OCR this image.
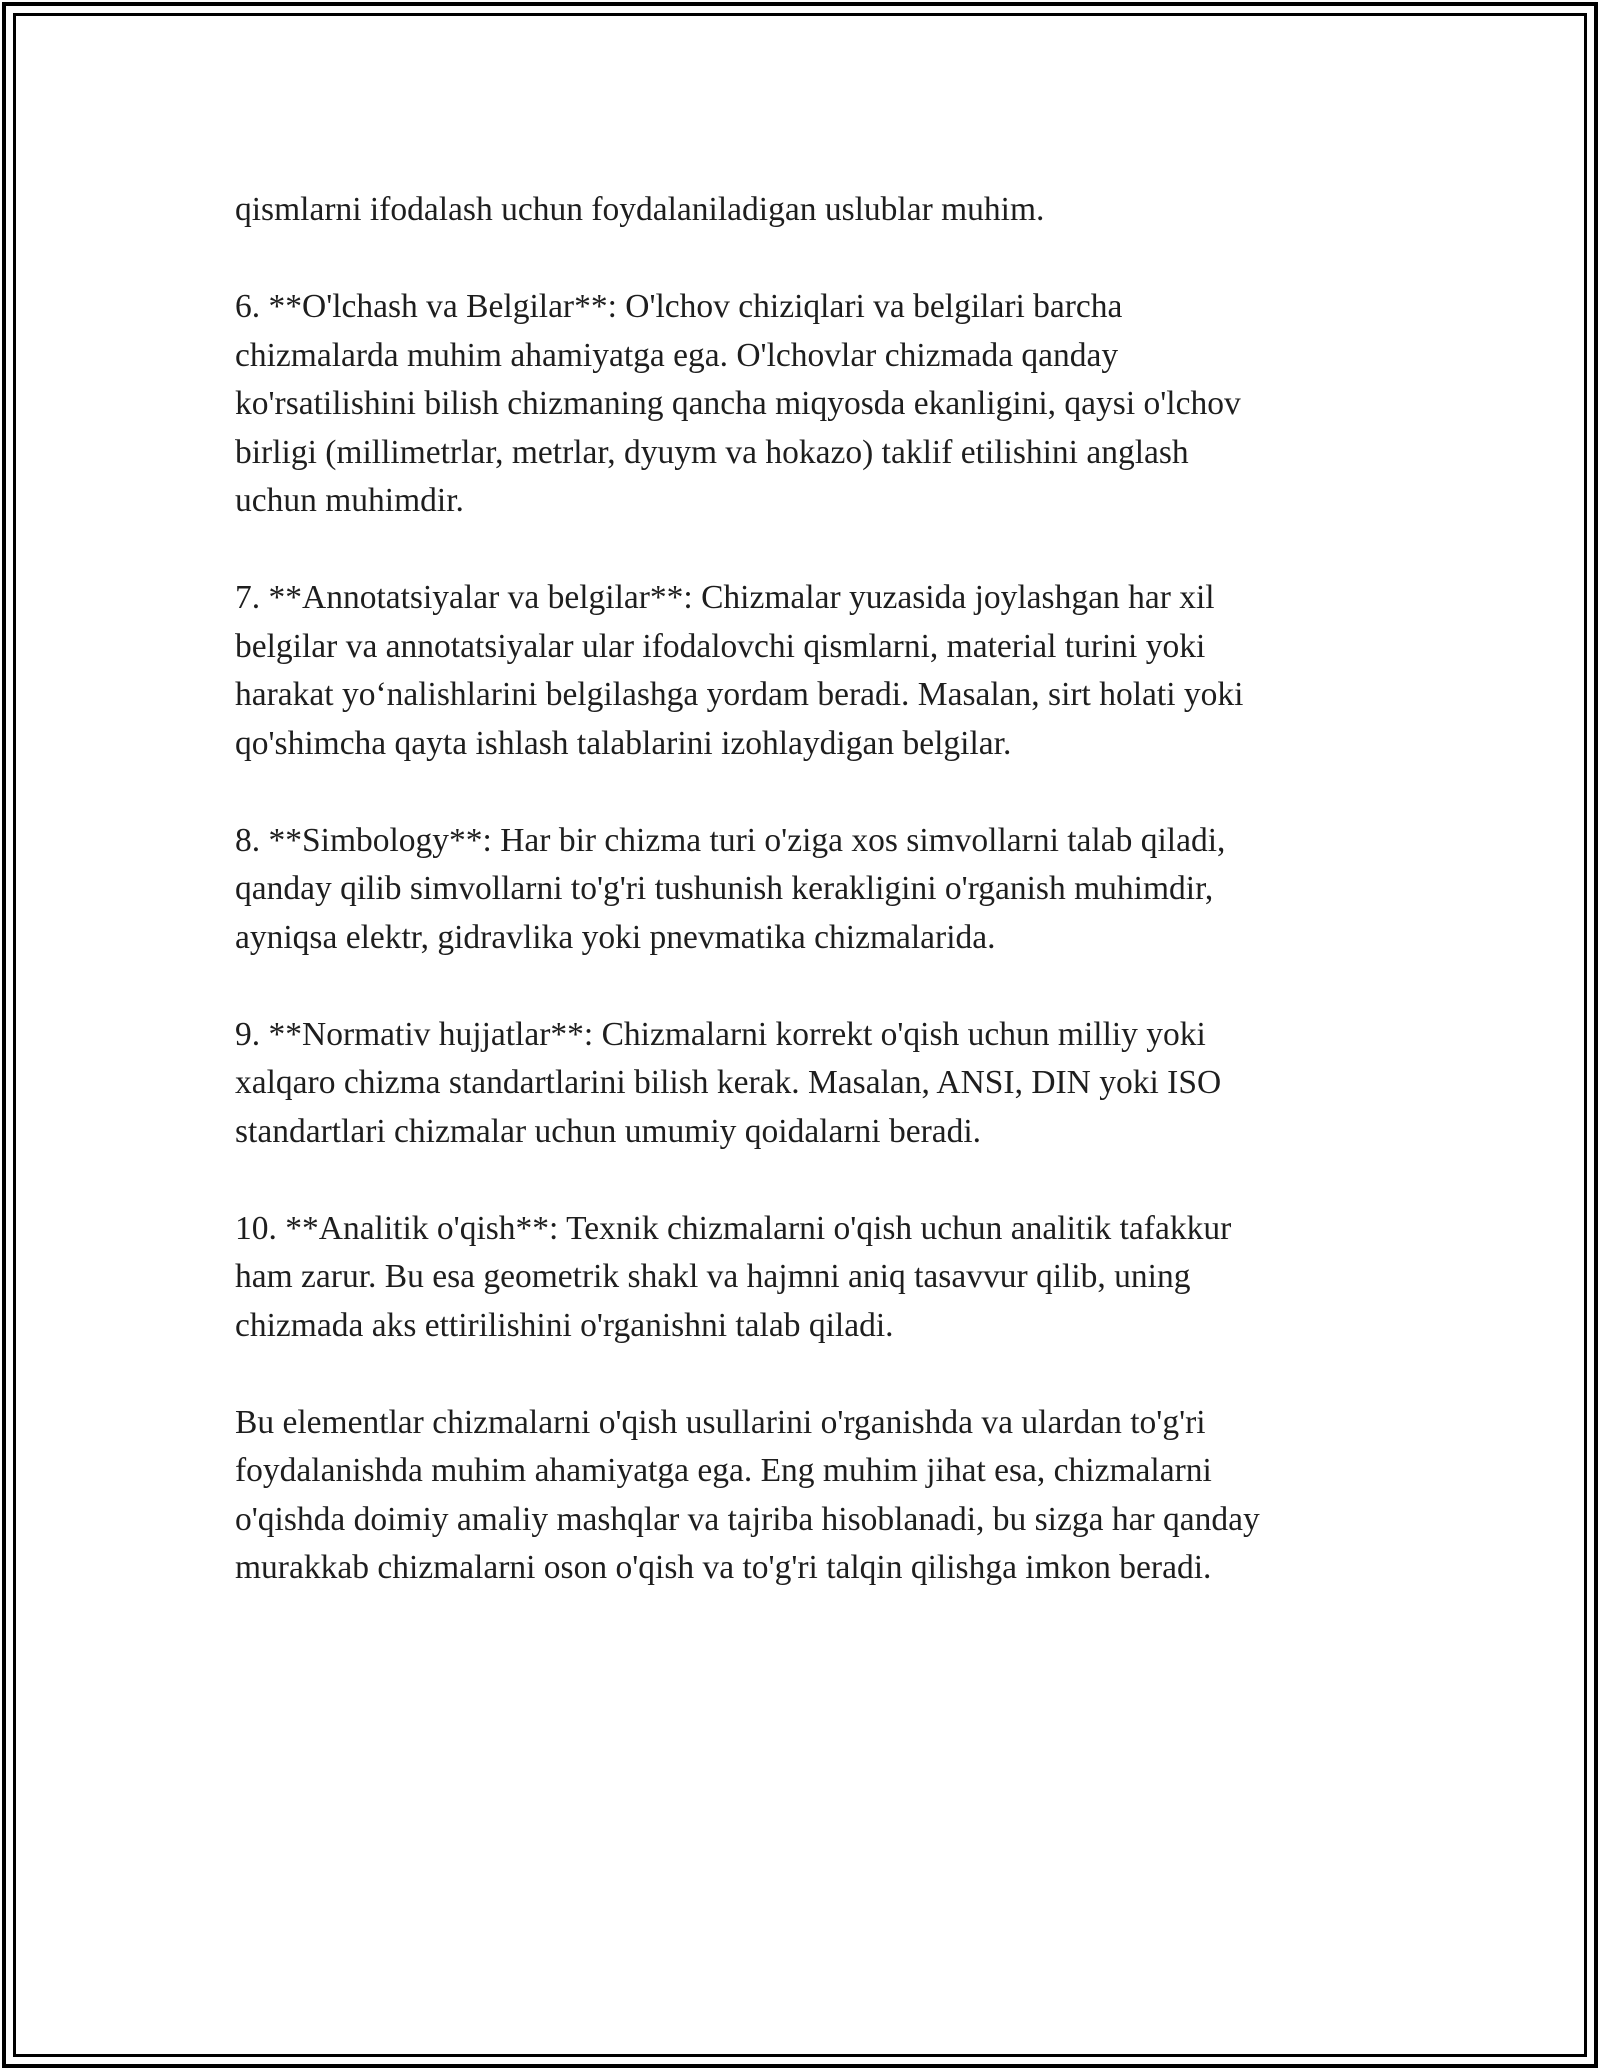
qismlarni ifodalash uchun foydalaniladigan uslublar muhim.

6. **O'lchash va Belgilar**: O'lchov chiziqlari va belgilari barcha
chizmalarda muhim ahamiyatga ega. O'lchovlar chizmada qanday
ko'rsatilishini bilish chizmaning qancha miqyosda ekanligini, qaysi o'lchov
birligi (millimetrlar, metrlar, dyuym va hokazo) taklif etilishini anglash
uchun muhimdir.

7. **Annotatsiyalar va belgilar**: Chizmalar yuzasida joylashgan har xil
belgilar va annotatsiyalar ular ifodalovchi qismlarni, material turini yoki
harakat yo‘nalishlarini belgilashga yordam beradi. Masalan, sirt holati yoki
qo'shimcha qayta ishlash talablarini izohlaydigan belgilar.

8. **Simbology**: Har bir chizma turi o'ziga xos simvollarni talab qiladi,
qanday qilib simvollarni to'g'ri tushunish kerakligini o'rganish muhimdir,
ayniqsa elektr, gidravlika yoki pnevmatika chizmalarida.

9. **Normativ hujjatlar**: Chizmalarni korrekt o'qish uchun milliy yoki
xalqaro chizma standartlarini bilish kerak. Masalan, ANSI, DIN yoki ISO
standartlari chizmalar uchun umumiy qoidalarni beradi.

10. **Analitik o'qish**: Texnik chizmalarni o'qish uchun analitik tafakkur
ham zarur. Bu esa geometrik shakl va hajmni aniq tasavvur qilib, uning
chizmada aks ettirilishini o'rganishni talab qiladi.

Bu elementlar chizmalarni o'qish usullarini o'rganishda va ulardan to'g'ri
foydalanishda muhim ahamiyatga ega. Eng muhim jihat esa, chizmalarni
o'qishda doimiy amaliy mashqlar va tajriba hisoblanadi, bu sizga har qanday
murakkab chizmalarni oson o'qish va to'g'ri talqin qilishga imkon beradi.
